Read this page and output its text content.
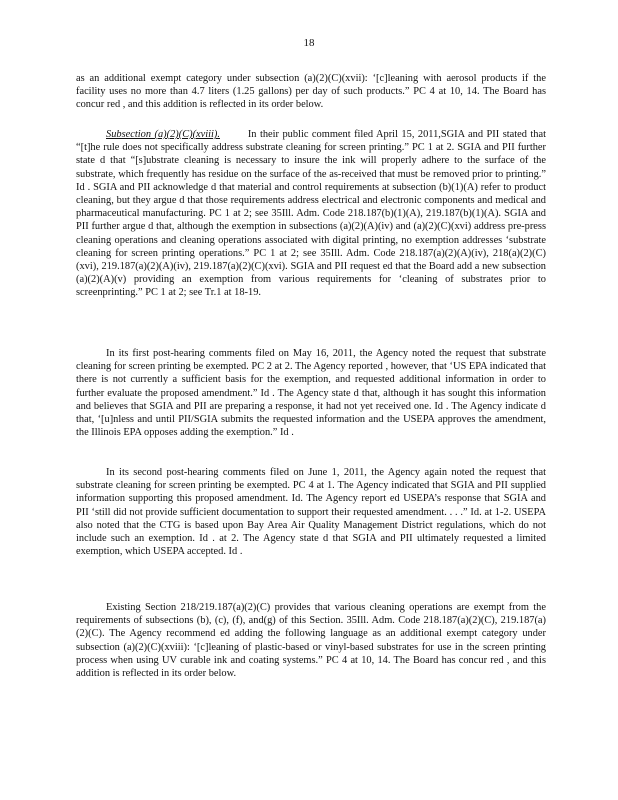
18

as an additional exempt category under subsection (a)(2)(C)(xvii): ‘[c]leaning with aerosol products if the facility uses no more than 4.7 liters (1.25 gallons) per day of such products.” PC 4 at 10, 14. The Board has concur red , and this addition is reflected in its order below.

Subsection (a)(2)(C)(xviii).	In their public comment filed April 15, 2011,SGIA and PII stated that “[t]he rule does not specifically address substrate cleaning for screen printing.” PC 1 at 2. SGIA and PII further state d that “[s]ubstrate cleaning is necessary to insure the ink will properly adhere to the surface of the substrate, which frequently has residue on the surface of the as-received that must be removed prior to printing.” Id . SGIA and PII acknowledge d that material and control requirements at subsection (b)(1)(A) refer to product cleaning, but they argue d that those requirements address electrical and electronic components and medical and pharmaceutical manufacturing. PC 1 at 2; see 35Ill. Adm. Code 218.187(b)(1)(A), 219.187(b)(1)(A). SGIA and PII further argue d that, although the exemption in subsections (a)(2)(A)(iv) and (a)(2)(C)(xvi) address pre-press cleaning operations and cleaning operations associated with digital printing, no exemption addresses ‘substrate cleaning for screen printing operations.” PC 1 at 2; see 35Ill. Adm. Code 218.187(a)(2)(A)(iv), 218(a)(2)(C)(xvi), 219.187(a)(2)(A)(iv), 219.187(a)(2)(C)(xvi). SGIA and PII request ed that the Board add a new subsection (a)(2)(A)(v) providing an exemption from various requirements for ‘cleaning of substrates prior to screenprinting.” PC 1 at 2; see Tr.1 at 18-19.

In its first post-hearing comments filed on May 16, 2011, the Agency noted the request that substrate cleaning for screen printing be exempted. PC 2 at 2. The Agency reported , however, that ‘US EPA indicated that there is not currently a sufficient basis for the exemption, and requested additional information in order to further evaluate the proposed amendment.” Id . The Agency state d that, although it has sought this information and believes that SGIA and PII are preparing a response, it had not yet received one. Id . The Agency indicate d that, ‘[u]nless and until PII/SGIA submits the requested information and the USEPA approves the amendment, the Illinois EPA opposes adding the exemption.” Id .

In its second post-hearing comments filed on June 1, 2011, the Agency again noted the request that substrate cleaning for screen printing be exempted. PC 4 at 1. The Agency indicated that SGIA and PII supplied information supporting this proposed amendment. Id. The Agency report ed USEPA’s response that SGIA and PII ‘still did not provide sufficient documentation to support their requested amendment. . . .” Id. at 1-2. USEPA also noted that the CTG is based upon Bay Area Air Quality Management District regulations, which do not include such an exemption. Id . at 2. The Agency state d that SGIA and PII ultimately requested a limited exemption, which USEPA accepted. Id .

Existing Section 218/219.187(a)(2)(C) provides that various cleaning operations are exempt from the requirements of subsections (b), (c), (f), and(g) of this Section. 35Ill. Adm. Code 218.187(a)(2)(C), 219.187(a)(2)(C). The Agency recommend ed adding the following language as an additional exempt category under subsection (a)(2)(C)(xviii): ‘[c]leaning of plastic-based or vinyl-based substrates for use in the screen printing process when using UV curable ink and coating systems.” PC 4 at 10, 14. The Board has concur red , and this addition is reflected in its order below.
